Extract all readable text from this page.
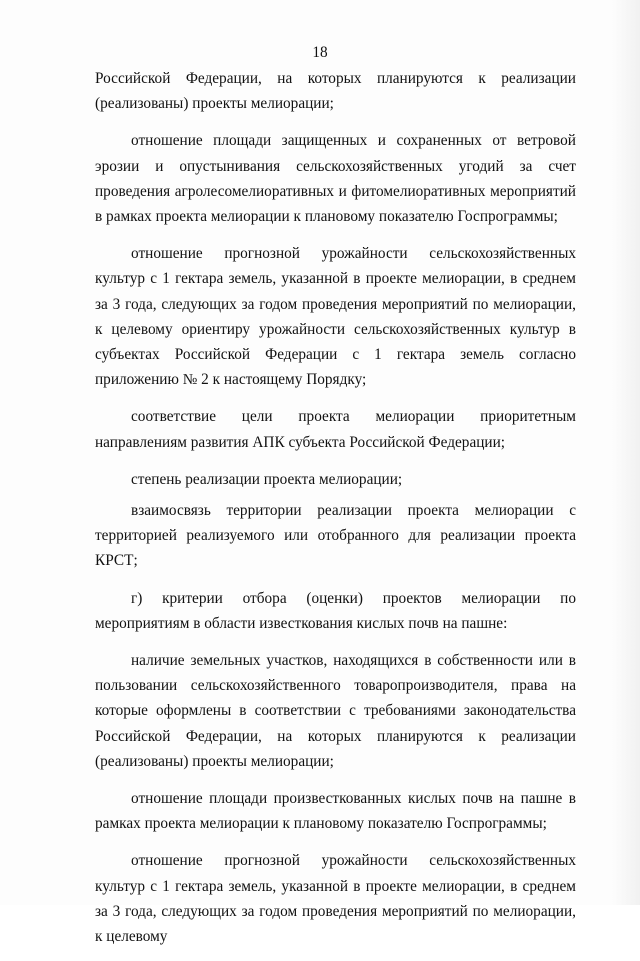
18

Российской Федерации, на которых планируются к реализации (реализованы) проекты мелиорации;

отношение площади защищенных и сохраненных от ветровой эрозии и опустынивания сельскохозяйственных угодий за счет проведения агролесомелиоративных и фитомелиоративных мероприятий в рамках проекта мелиорации к плановому показателю Госпрограммы;

отношение прогнозной урожайности сельскохозяйственных культур с 1 гектара земель, указанной в проекте мелиорации, в среднем за 3 года, следующих за годом проведения мероприятий по мелиорации, к целевому ориентиру урожайности сельскохозяйственных культур в субъектах Российской Федерации с 1 гектара земель согласно приложению № 2 к настоящему Порядку;

соответствие цели проекта мелиорации приоритетным направлениям развития АПК субъекта Российской Федерации;

степень реализации проекта мелиорации;

взаимосвязь территории реализации проекта мелиорации с территорией реализуемого или отобранного для реализации проекта КРСТ;

г) критерии отбора (оценки) проектов мелиорации по мероприятиям в области известкования кислых почв на пашне:

наличие земельных участков, находящихся в собственности или в пользовании сельскохозяйственного товаропроизводителя, права на которые оформлены в соответствии с требованиями законодательства Российской Федерации, на которых планируются к реализации (реализованы) проекты мелиорации;

отношение площади произвесткованных кислых почв на пашне в рамках проекта мелиорации к плановому показателю Госпрограммы;

отношение прогнозной урожайности сельскохозяйственных культур с 1 гектара земель, указанной в проекте мелиорации, в среднем за 3 года, следующих за годом проведения мероприятий по мелиорации, к целевому
